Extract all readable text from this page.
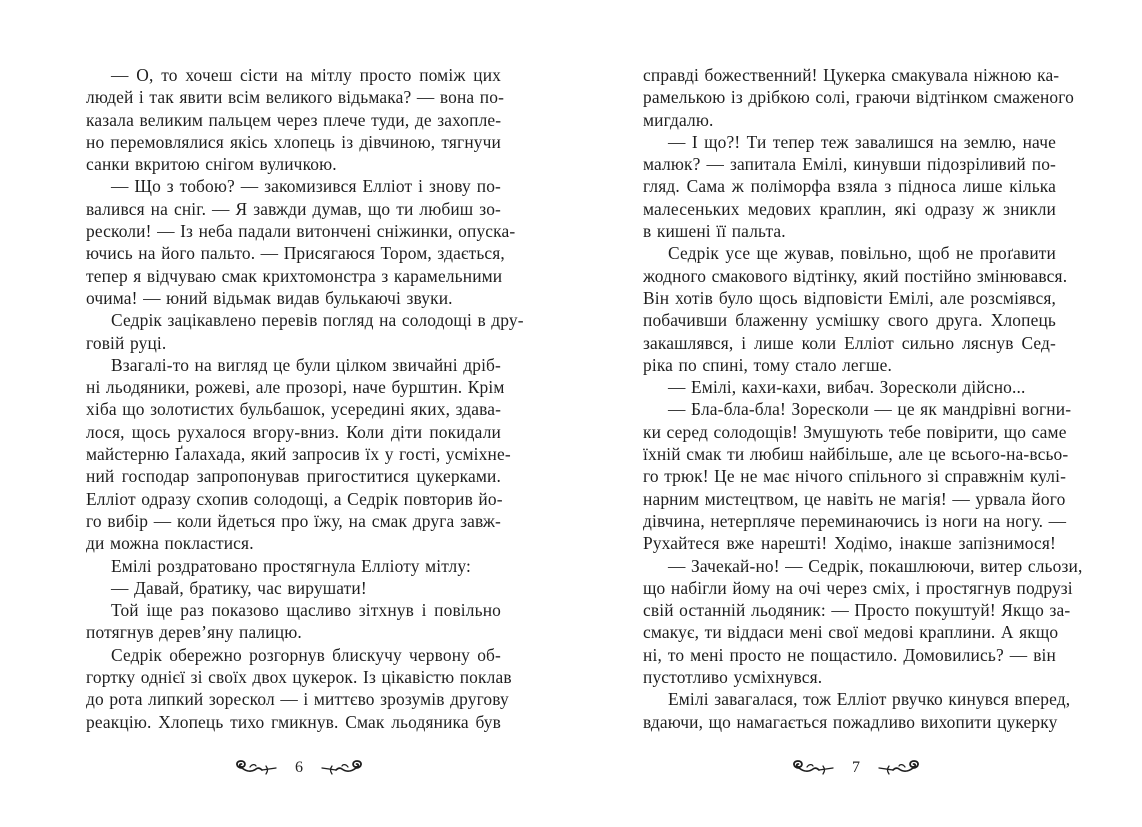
— О, то хочеш сісти на мітлу просто поміж цих
людей і так явити всім великого відьмака? — вона по-
казала великим пальцем через плече туди, де захопле-
но перемовлялися якісь хлопець із дівчиною, тягнучи
санки вкритою снігом вуличкою.
— Що з тобою? — закомизився Елліот і знову по-
валився на сніг. — Я завжди думав, що ти любиш зо-
ресколи! — Із неба падали витончені сніжинки, опуска-
ючись на його пальто. — Присягаюся Тором, здається,
тепер я відчуваю смак крихтомонстра з карамельними
очима! — юний відьмак видав булькаючі звуки.
Седрік зацікавлено перевів погляд на солодощі в дру-
говій руці.
Взагалі-то на вигляд це були цілком звичайні дріб-
ні льодяники, рожеві, але прозорі, наче бурштин. Крім
хіба що золотистих бульбашок, усередині яких, здава-
лося, щось рухалося вгору-вниз. Коли діти покидали
майстерню Ґалахада, який запросив їх у гості, усміхне-
ний господар запропонував пригоститися цукерками.
Елліот одразу схопив солодощі, а Седрік повторив йо-
го вибір — коли йдеться про їжу, на смак друга завж-
ди можна покластися.
Емілі роздратовано простягнула Елліоту мітлу:
— Давай, братику, час вирушати!
Той іще раз показово щасливо зітхнув і повільно
потягнув дерев’яну палицю.
Седрік обережно розгорнув блискучу червону об-
гортку однієї зі своїх двох цукерок. Із цікавістю поклав
до рота липкий зорескол — і миттєво зрозумів другову
реакцію. Хлопець тихо гмикнув. Смак льодяника був
6
справді божественний! Цукерка смакувала ніжною ка-
рамелькою із дрібкою солі, граючи відтінком смаженого
мигдалю.
— І що?! Ти тепер теж завалишся на землю, наче
малюк? — запитала Емілі, кинувши підозріливий по-
гляд. Сама ж поліморфа взяла з підноса лише кілька
малесеньких медових краплин, які одразу ж зникли
в кишені її пальта.
Седрік усе ще жував, повільно, щоб не проґавити
жодного смакового відтінку, який постійно змінювався.
Він хотів було щось відповісти Емілі, але розсміявся,
побачивши блаженну усмішку свого друга. Хлопець
закашлявся, і лише коли Елліот сильно ляснув Сед-
ріка по спині, тому стало легше.
— Емілі, кахи-кахи, вибач. Зоресколи дійсно...
— Бла-бла-бла! Зоресколи — це як мандрівні вогни-
ки серед солодощів! Змушують тебе повірити, що саме
їхній смак ти любиш найбільше, але це всього-на-всьо-
го трюк! Це не має нічого спільного зі справжнім кулі-
нарним мистецтвом, це навіть не магія! — урвала його
дівчина, нетерпляче переминаючись із ноги на ногу. —
Рухайтеся вже нарешті! Ходімо, інакше запізнимося!
— Зачекай-но! — Седрік, покашлюючи, витер сльози,
що набігли йому на очі через сміх, і простягнув подрузі
свій останній льодяник: — Просто покуштуй! Якщо за-
смакує, ти віддаси мені свої медові краплини. А якщо
ні, то мені просто не пощастило. Домовились? — він
пустотливо усміхнувся.
Емілі завагалася, тож Елліот рвучко кинувся вперед,
вдаючи, що намагається пожадливо вихопити цукерку
7
